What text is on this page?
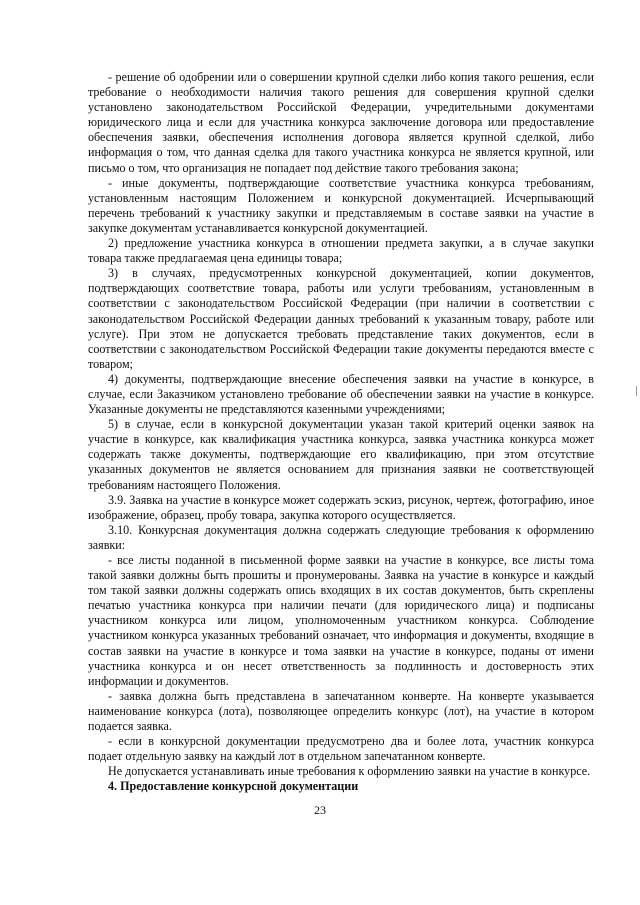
- решение об одобрении или о совершении крупной сделки либо копия такого решения, если требование о необходимости наличия такого решения для совершения крупной сделки установлено законодательством Российской Федерации, учредительными документами юридического лица и если для участника конкурса заключение договора или предоставление обеспечения заявки, обеспечения исполнения договора является крупной сделкой, либо информация о том, что данная сделка для такого участника конкурса не является крупной, или письмо о том, что организация не попадает под действие такого требования закона;

- иные документы, подтверждающие соответствие участника конкурса требованиям, установленным настоящим Положением и конкурсной документацией. Исчерпывающий перечень требований к участнику закупки и представляемым в составе заявки на участие в закупке документам устанавливается конкурсной документацией.

2) предложение участника конкурса в отношении предмета закупки, а в случае закупки товара также предлагаемая цена единицы товара;

3) в случаях, предусмотренных конкурсной документацией, копии документов, подтверждающих соответствие товара, работы или услуги требованиям, установленным в соответствии с законодательством Российской Федерации (при наличии в соответствии с законодательством Российской Федерации данных требований к указанным товару, работе или услуге). При этом не допускается требовать представление таких документов, если в соответствии с законодательством Российской Федерации такие документы передаются вместе с товаром;

4) документы, подтверждающие внесение обеспечения заявки на участие в конкурсе, в случае, если Заказчиком установлено требование об обеспечении заявки на участие в конкурсе. Указанные документы не представляются казенными учреждениями;

5) в случае, если в конкурсной документации указан такой критерий оценки заявок на участие в конкурсе, как квалификация участника конкурса, заявка участника конкурса может содержать также документы, подтверждающие его квалификацию, при этом отсутствие указанных документов не является основанием для признания заявки не соответствующей требованиям настоящего Положения.

3.9. Заявка на участие в конкурсе может содержать эскиз, рисунок, чертеж, фотографию, иное изображение, образец, пробу товара, закупка которого осуществляется.

3.10. Конкурсная документация должна содержать следующие требования к оформлению заявки:

- все листы поданной в письменной форме заявки на участие в конкурсе, все листы тома такой заявки должны быть прошиты и пронумерованы. Заявка на участие в конкурсе и каждый том такой заявки должны содержать опись входящих в их состав документов, быть скреплены печатью участника конкурса при наличии печати (для юридического лица) и подписаны участником конкурса или лицом, уполномоченным участником конкурса. Соблюдение участником конкурса указанных требований означает, что информация и документы, входящие в состав заявки на участие в конкурсе и тома заявки на участие в конкурсе, поданы от имени участника конкурса и он несет ответственность за подлинность и достоверность этих информации и документов.

- заявка должна быть представлена в запечатанном конверте. На конверте указывается наименование конкурса (лота), позволяющее определить конкурс (лот), на участие в котором подается заявка.

- если в конкурсной документации предусмотрено два и более лота, участник конкурса подает отдельную заявку на каждый лот в отдельном запечатанном конверте.

Не допускается устанавливать иные требования к оформлению заявки на участие в конкурсе.

4. Предоставление конкурсной документации
23
